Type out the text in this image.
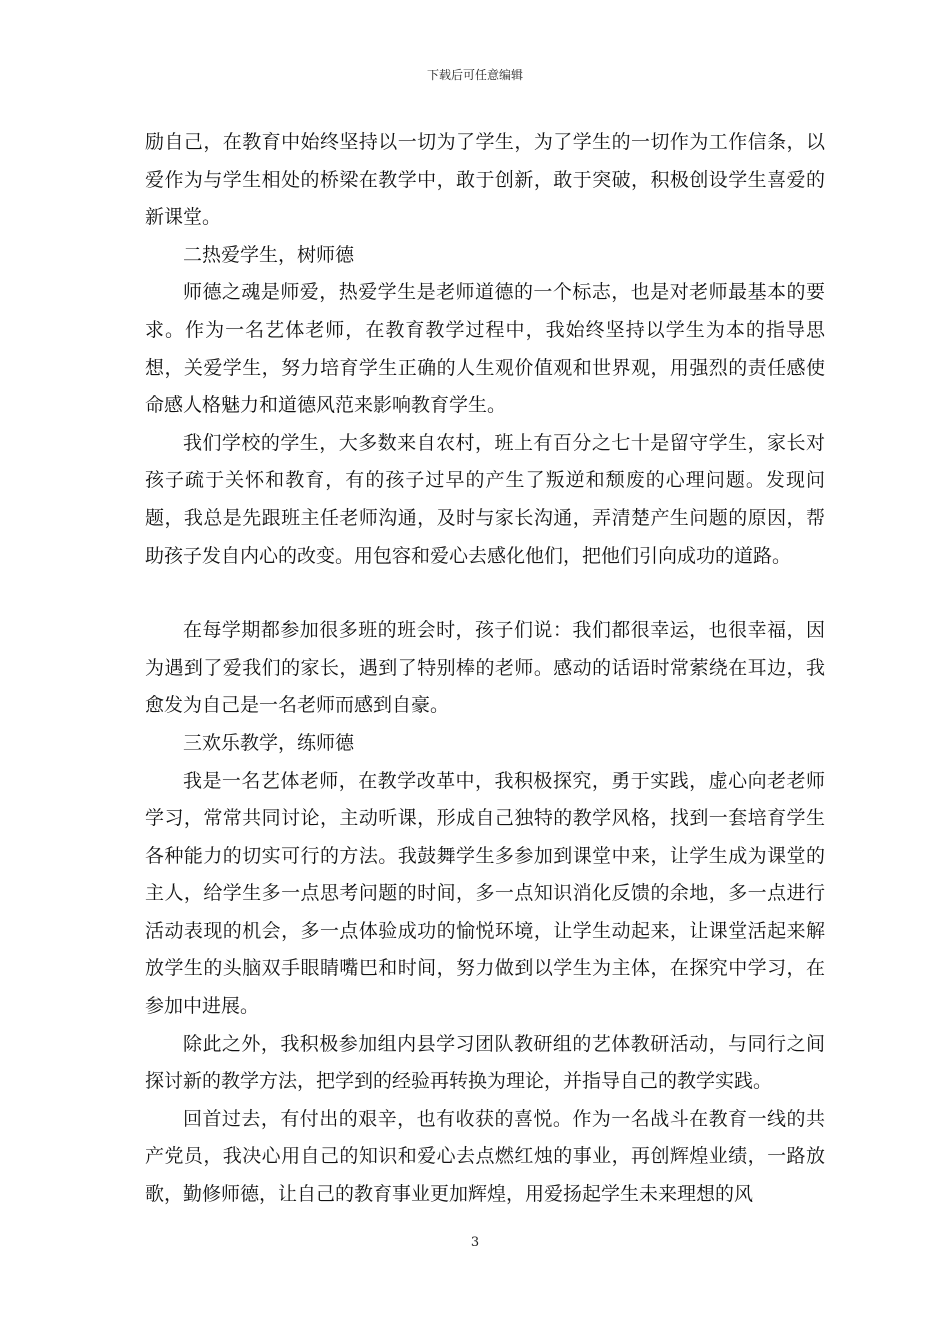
下载后可任意编辑

励自己，在教育中始终坚持以一切为了学生，为了学生的一切作为工作信条，以爱作为与学生相处的桥梁在教学中，敢于创新，敢于突破，积极创设学生喜爱的新课堂。

二热爱学生，树师德

师德之魂是师爱，热爱学生是老师道德的一个标志，也是对老师最基本的要求。作为一名艺体老师，在教育教学过程中，我始终坚持以学生为本的指导思想，关爱学生，努力培育学生正确的人生观价值观和世界观，用强烈的责任感使命感人格魅力和道德风范来影响教育学生。

我们学校的学生，大多数来自农村，班上有百分之七十是留守学生，家长对孩子疏于关怀和教育，有的孩子过早的产生了叛逆和颓废的心理问题。发现问题，我总是先跟班主任老师沟通，及时与家长沟通，弄清楚产生问题的原因，帮助孩子发自内心的改变。用包容和爱心去感化他们，把他们引向成功的道路。

在每学期都参加很多班的班会时，孩子们说：我们都很幸运，也很幸福，因为遇到了爱我们的家长，遇到了特别棒的老师。感动的话语时常萦绕在耳边，我愈发为自己是一名老师而感到自豪。

三欢乐教学，练师德

我是一名艺体老师，在教学改革中，我积极探究，勇于实践，虚心向老老师学习，常常共同讨论，主动听课，形成自己独特的教学风格，找到一套培育学生各种能力的切实可行的方法。我鼓舞学生多参加到课堂中来，让学生成为课堂的主人，给学生多一点思考问题的时间，多一点知识消化反馈的余地，多一点进行活动表现的机会，多一点体验成功的愉悦环境，让学生动起来，让课堂活起来解放学生的头脑双手眼睛嘴巴和时间，努力做到以学生为主体，在探究中学习，在参加中进展。

除此之外，我积极参加组内县学习团队教研组的艺体教研活动，与同行之间探讨新的教学方法，把学到的经验再转换为理论，并指导自己的教学实践。

回首过去，有付出的艰辛，也有收获的喜悦。作为一名战斗在教育一线的共产党员，我决心用自己的知识和爱心去点燃红烛的事业，再创辉煌业绩，一路放歌，勤修师德，让自己的教育事业更加辉煌，用爱扬起学生未来理想的风

3
